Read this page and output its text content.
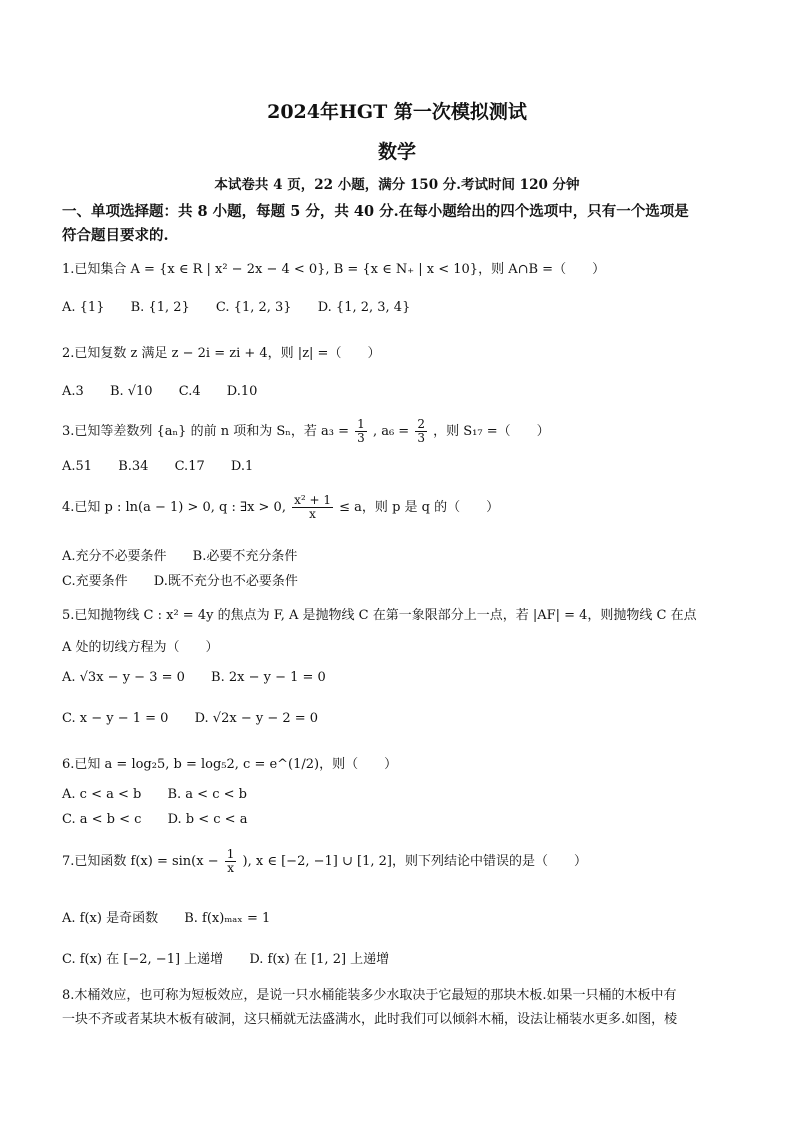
2024年HGT 第一次模拟测试
数学
本试卷共 4 页，22 小题，满分 150 分.考试时间 120 分钟
一、单项选择题：共 8 小题，每题 5 分，共 40 分.在每小题给出的四个选项中，只有一个选项是
符合题目要求的.
1.已知集合 A = {x ∈ R | x² − 2x − 4 < 0}, B = {x ∈ N₊ | x < 10}，则 A∩B =（　　）
A. {1} B. {1, 2} C. {1, 2, 3} D. {1, 2, 3, 4}
2.已知复数 z 满足 z − 2i = zi + 4，则 |z| =（　　）
A.3 B. √10 C.4 D.10
3.已知等差数列 {aₙ} 的前 n 项和为 Sₙ，若 $a_3 = \frac{1}{3}$ , $a_6 = \frac{2}{3}$ ，则 S₁₇ =（　　）
A.51 B.34 C.17 D.1
4.已知 p : ln(a − 1) > 0, q : ∃x > 0, $\frac{\text{x² + 1}}{x} \le a$，则 p 是 q 的（　　）
A.充分不必要条件 B.必要不充分条件
C.充要条件 D.既不充分也不必要条件
5.已知抛物线 C : x² = 4y 的焦点为 F, A 是抛物线 C 在第一象限部分上一点，若 |AF| = 4，则抛物线 C 在点
A 处的切线方程为（　　）
A. √3x − y − 3 = 0 B. 2x − y − 1 = 0
C. x − y − 1 = 0 D. √2x − y − 2 = 0
6.已知 a = log₂5, b = log₅2, c = e^(1/2)，则（　　）
A. c < a < b B. a < c < b
C. a < b < c D. b < c < a
7.已知函数 $f(x) = \sin(x - \frac{1}{x}$ ), x ∈ [−2, −1] ∪ [1, 2]，则下列结论中错误的是（　　）
A. f(x) 是奇函数 B. f(x)ₘₐₓ = 1
C. f(x) 在 [−2, −1] 上递增 D. f(x) 在 [1, 2] 上递增
8.木桶效应，也可称为短板效应，是说一只水桶能装多少水取决于它最短的那块木板.如果一只桶的木板中有
一块不齐或者某块木板有破洞，这只桶就无法盛满水，此时我们可以倾斜木桶，设法让桶装水更多.如图，棱
